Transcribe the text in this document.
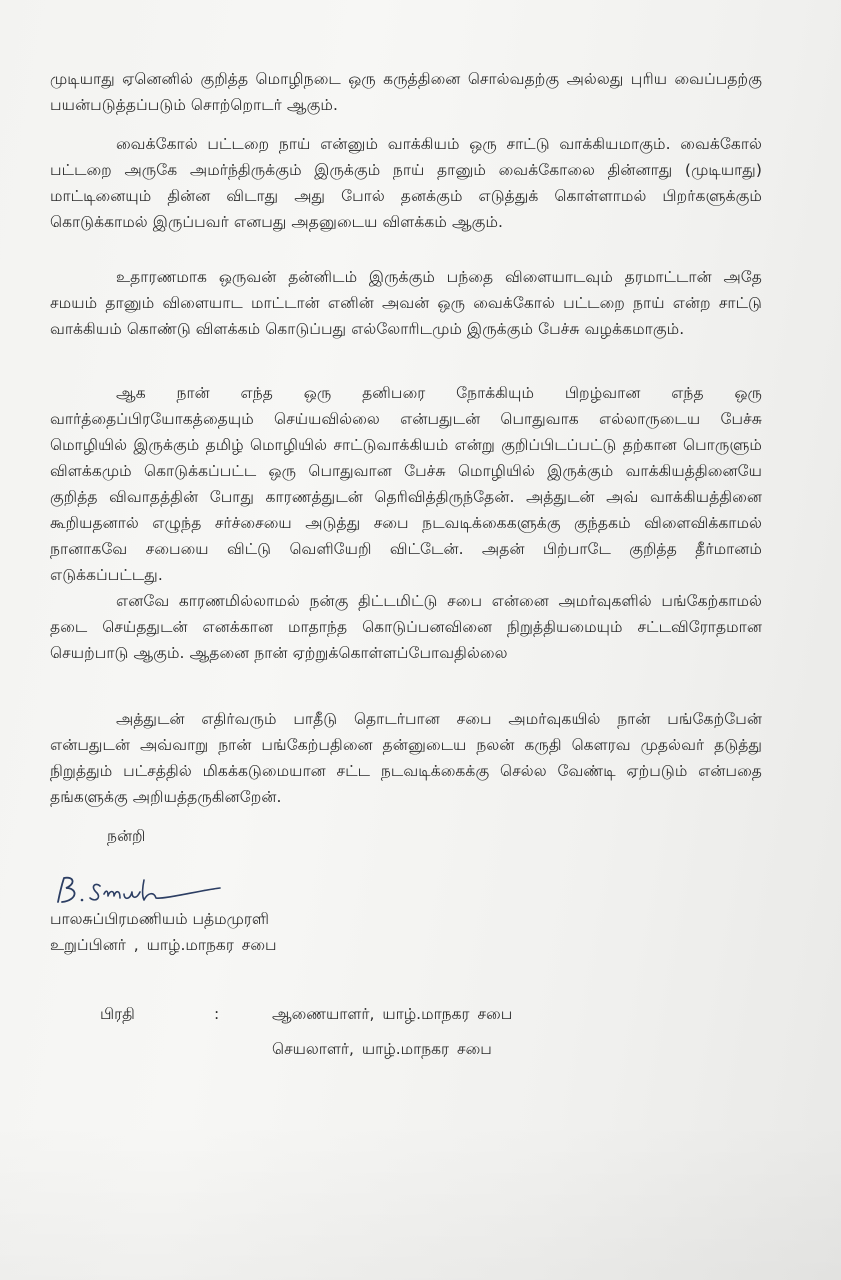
முடியாது ஏனெனில் குறித்த மொழிநடை ஒரு கருத்தினை சொல்வதற்கு அல்லது புரிய வைப்பதற்கு பயன்படுத்தப்படும் சொற்றொடர் ஆகும்.

வைக்கோல் பட்டறை நாய் என்னும் வாக்கியம் ஒரு சாட்டு வாக்கியமாகும். வைக்கோல் பட்டறை அருகே அமர்ந்திருக்கும் இருக்கும் நாய் தானும் வைக்கோலை தின்னாது (முடியாது) மாட்டினையும் தின்ன விடாது அது போல் தனக்கும் எடுத்துக் கொள்ளாமல் பிறர்களுக்கும் கொடுக்காமல் இருப்பவர் எனபது அதனுடைய விளக்கம் ஆகும்.

உதாரணமாக ஒருவன் தன்னிடம் இருக்கும் பந்தை விளையாடவும் தரமாட்டான் அதே சமயம் தானும் விளையாட மாட்டான் எனின் அவன் ஒரு வைக்கோல் பட்டறை நாய் என்ற சாட்டு வாக்கியம் கொண்டு விளக்கம் கொடுப்பது எல்லோரிடமும் இருக்கும் பேச்சு வழக்கமாகும்.

ஆக நான் எந்த ஒரு தனிபரை நோக்கியும் பிறழ்வான எந்த ஒரு வார்த்தைப்பிரயோகத்தையும் செய்யவில்லை என்பதுடன் பொதுவாக எல்லாருடைய பேச்சு மொழியில் இருக்கும் தமிழ் மொழியில் சாட்டுவாக்கியம் என்று குறிப்பிடப்பட்டு தற்கான பொருளும் விளக்கமும் கொடுக்கப்பட்ட ஒரு பொதுவான பேச்சு மொழியில் இருக்கும் வாக்கியத்தினையே குறித்த விவாதத்தின் போது காரணத்துடன் தெரிவித்திருந்தேன். அத்துடன் அவ் வாக்கியத்தினை கூறியதனால் எழுந்த சர்ச்சையை அடுத்து சபை நடவடிக்கைகளுக்கு குந்தகம் விளைவிக்காமல் நானாகவே சபையை விட்டு வெளியேறி விட்டேன். அதன் பிற்பாடே குறித்த தீர்மானம் எடுக்கப்பட்டது.

எனவே காரணமில்லாமல் நன்கு திட்டமிட்டு சபை என்னை அமர்வுகளில் பங்கேற்காமல் தடை செய்ததுடன் எனக்கான மாதாந்த கொடுப்பனவினை நிறுத்தியமையும் சட்டவிரோதமான செயற்பாடு ஆகும். ஆதனை நான் ஏற்றுக்கொள்ளப்போவதில்லை

அத்துடன் எதிர்வரும் பாதீடு தொடர்பான சபை அமர்வுகயில் நான் பங்கேற்பேன் என்பதுடன் அவ்வாறு நான் பங்கேற்பதினை தன்னுடைய நலன் கருதி கௌரவ முதல்வர் தடுத்து நிறுத்தும் பட்சத்தில் மிகக்கடுமையான சட்ட நடவடிக்கைக்கு செல்ல வேண்டி ஏற்படும் என்பதை தங்களுக்கு அறியத்தருகினறேன்.

நன்றி
பாலசுப்பிரமணியம் பத்மமுரளி
உறுப்பினர் , யாழ்.மாநகர சபை
பிரதி	:	ஆணையாளர், யாழ்.மாநகர சபை
செயலாளர், யாழ்.மாநகர சபை
